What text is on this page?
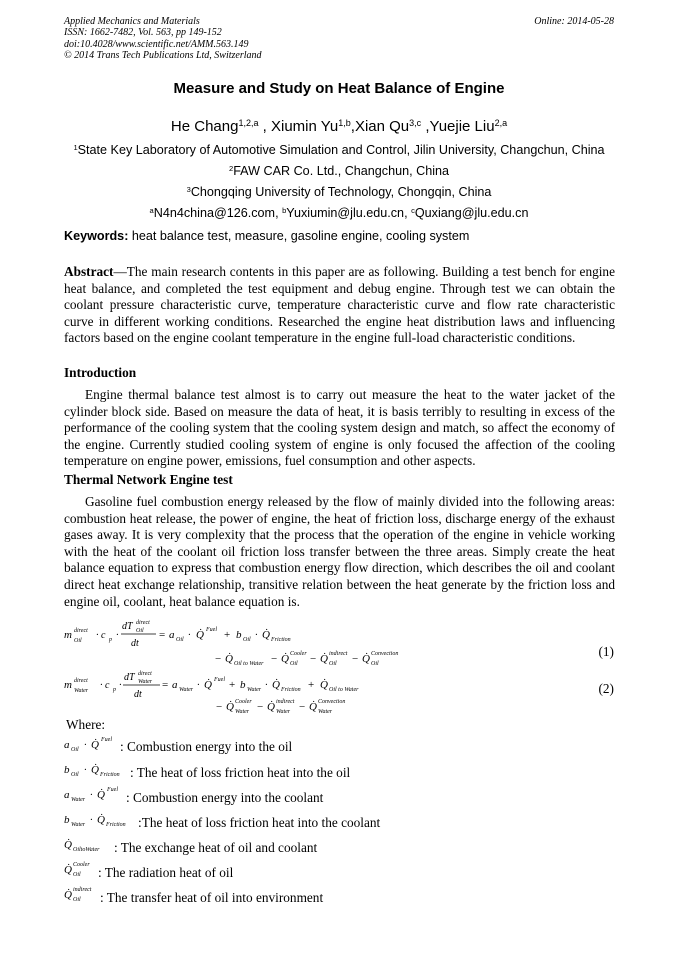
Applied Mechanics and Materials
ISSN: 1662-7482, Vol. 563, pp 149-152
doi:10.4028/www.scientific.net/AMM.563.149
© 2014 Trans Tech Publications Ltd, Switzerland
Online: 2014-05-28
Measure and Study on Heat Balance of Engine
He Chang$^{1,2,a}$ , Xiumin Yu$^{1,b}$,Xian Qu$^{3,c}$ ,Yuejie Liu$^{2,a}$
$^1$State Key Laboratory of Automotive Simulation and Control, Jilin University, Changchun, China
$^2$FAW CAR Co. Ltd., Changchun, China
$^3$Chongqing University of Technology, Chongqin, China
$^a$N4n4china@126.com, $^b$Yuxiumin@jlu.edu.cn, $^c$Quxiang@jlu.edu.cn
Keywords: heat balance test, measure, gasoline engine, cooling system
Abstract—The main research contents in this paper are as following. Building a test bench for engine heat balance, and completed the test equipment and debug engine. Through test we can obtain the coolant pressure characteristic curve, temperature characteristic curve and flow rate characteristic curve in different working conditions. Researched the engine heat distribution laws and influencing factors based on the engine coolant temperature in the engine full-load characteristic conditions.
Introduction
Engine thermal balance test almost is to carry out measure the heat to the water jacket of the cylinder block side. Based on measure the data of heat, it is basis terribly to resulting in excess of the performance of the cooling system that the cooling system design and match, so affect the economy of the engine. Currently studied cooling system of engine is only focused the affection of the cooling temperature on engine power, emissions, fuel consumption and other aspects.
Thermal Network Engine test
Gasoline fuel combustion energy released by the flow of mainly divided into the following areas: combustion heat release, the power of engine, the heat of friction loss, discharge energy of the exhaust gases away. It is very complexity that the process that the operation of the engine in vehicle working with the heat of the coolant oil friction loss transfer between the three areas. Simply create the heat balance equation to express that combustion energy flow direction, which describes the oil and coolant direct heat exchange relationship, transitive relation between the heat generate by the friction loss and engine oil, coolant, heat balance equation is.
m direct
Oil · c p ·
dT direct
Oil
dt
= a Oil · Q̇ Fuel + b Oil · Q̇ Friction
− Q̇ Oil to Water − Q̇ Cooler
Oil − Q̇ indirect
Oil − Q̇ Convection
Oil
(1)
m direct
Water · c p ·
dT direct
Water
dt
= a Water · Q̇ Fuel + b Water · Q̇ Friction + Q̇ Oil to Water
− Q̇ Cooler
Water − Q̇ indirect
Water − Q̇ Convection
Water
(2)
Where:
a Oil · Q̇ Fuel : Combustion energy into the oil
b Oil · Q̇ Friction : The heat of loss friction heat into the oil
a Water · Q̇ Fuel : Combustion energy into the coolant
b Water · Q̇ Friction :The heat of loss friction heat into the coolant
Q̇ OiltoWater : The exchange heat of oil and coolant
Q̇ Cooler
Oil : The radiation heat of oil
Q̇ indirect
Oil : The transfer heat of oil into environment
